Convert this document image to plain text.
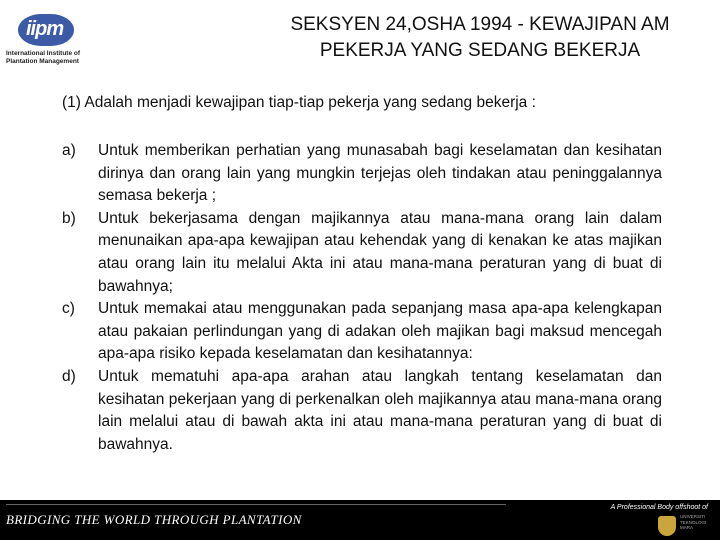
iipm
International Institute of Plantation Management
SEKSYEN 24,OSHA 1994 - KEWAJIPAN AM PEKERJA YANG SEDANG BEKERJA
(1) Adalah menjadi kewajipan tiap-tiap pekerja yang sedang bekerja :
a)	Untuk memberikan perhatian yang munasabah bagi keselamatan dan kesihatan dirinya dan orang lain yang mungkin terjejas oleh tindakan atau peninggalannya semasa bekerja ;
b)	Untuk bekerjasama dengan majikannya atau mana-mana orang lain dalam menunaikan apa-apa kewajipan atau kehendak yang di kenakan ke atas majikan atau orang lain itu melalui Akta ini atau mana-mana peraturan yang di buat di bawahnya;
c)	Untuk memakai atau menggunakan pada sepanjang masa apa-apa kelengkapan atau pakaian perlindungan yang di adakan oleh majikan bagi maksud mencegah apa-apa risiko kepada keselamatan dan kesihatannya:
d)	Untuk mematuhi apa-apa arahan atau langkah tentang keselamatan dan kesihatan pekerjaan yang di perkenalkan oleh majikannya atau mana-mana orang lain melalui atau di bawah akta ini atau mana-mana peraturan yang di buat di bawahnya.
BRIDGING THE WORLD THROUGH PLANTATION
A Professional Body offshoot of
UNIVERSITI TEKNOLOGI MARA
